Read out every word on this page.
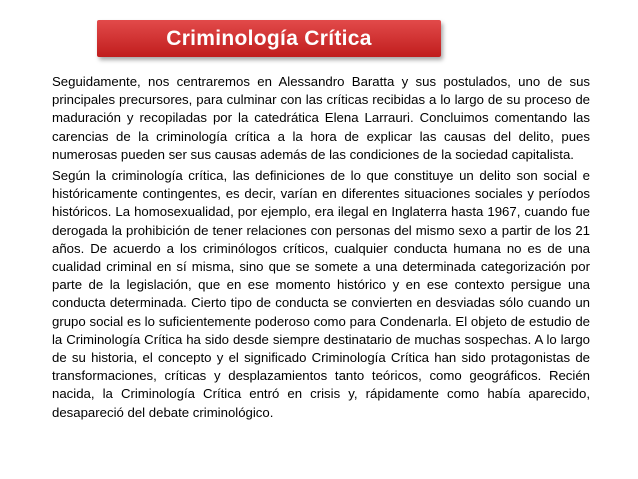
Criminología Crítica

Seguidamente, nos centraremos en Alessandro Baratta y sus postulados, uno de sus principales precursores, para culminar con las críticas recibidas a lo largo de su proceso de maduración y recopiladas por la catedrática Elena Larrauri. Concluimos comentando las carencias de la criminología crítica a la hora de explicar las causas del delito, pues numerosas pueden ser sus causas además de las condiciones de la sociedad capitalista.

Según la criminología crítica, las definiciones de lo que constituye un delito son social e históricamente contingentes, es decir, varían en diferentes situaciones sociales y períodos históricos. La homosexualidad, por ejemplo, era ilegal en Inglaterra hasta 1967, cuando fue derogada la prohibición de tener relaciones con personas del mismo sexo a partir de los 21 años. De acuerdo a los criminólogos críticos, cualquier conducta humana no es de una cualidad criminal en sí misma, sino que se somete a una determinada categorización por parte de la legislación, que en ese momento histórico y en ese contexto persigue una conducta determinada. Cierto tipo de conducta se convierten en desviadas sólo cuando un grupo social es lo suficientemente poderoso como para Condenarla. El objeto de estudio de la Criminología Crítica ha sido desde siempre destinatario de muchas sospechas. A lo largo de su historia, el concepto y el significado Criminología Crítica han sido protagonistas de transformaciones, críticas y desplazamientos tanto teóricos, como geográficos. Recién nacida, la Criminología Crítica entró en crisis y, rápidamente como había aparecido, desapareció del debate criminológico.
